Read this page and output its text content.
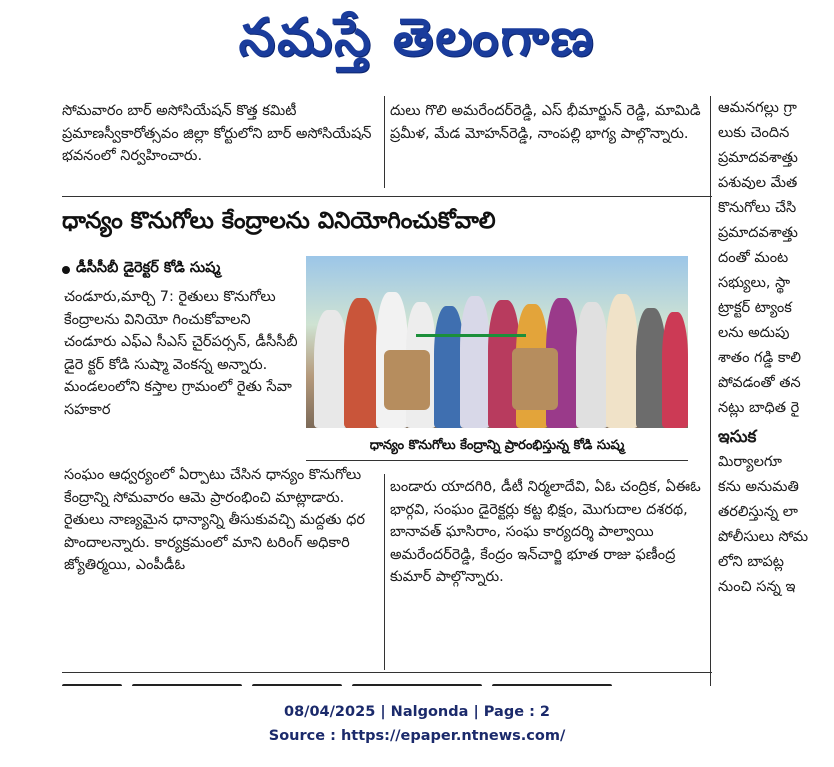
నమస్తే తెలంగాణ

సోమవారం బార్ అసోసియేషన్ కొత్త కమిటీ ప్రమాణస్వీకారోత్సవం జిల్లా కోర్టులోని బార్ అసోసియేషన్ భవనంలో నిర్వహించారు.

దులు గొలి అమరేందర్‌రెడ్డి, ఎస్ భీమార్జున్ రెడ్డి, మామిడి ప్రమీళ, మేడ మోహన్‌రెడ్డి, నాంపల్లి భాగ్య పాల్గొన్నారు.

ధాన్యం కొనుగోలు కేంద్రాలను వినియోగించుకోవాలి
డీసీసీబీ డైరెక్టర్ కోడి సుష్మ

చండూరు,మార్చి 7: రైతులు కొనుగోలు కేంద్రాలను వినియో గించుకోవాలని చండూరు ఎఫ్‌ఎ సీఎస్ చైర్‌పర్సన్, డీసీసీబీ డైరె క్టర్ కోడి సుష్మా వెంకన్న అన్నారు. మండలంలోని కస్తాల గ్రామంలో రైతు సేవా సహకార

ధాన్యం కొనుగోలు కేంద్రాన్ని ప్రారంభిస్తున్న కోడి సుష్మ

సంఘం ఆధ్వర్యంలో ఏర్పాటు చేసిన ధాన్యం కొనుగోలు కేంద్రాన్ని సోమవారం ఆమె ప్రారంభించి మాట్లాడారు. రైతులు నాణ్యమైన ధాన్యాన్ని తీసుకువచ్చి మద్దతు ధర పొందాలన్నారు. కార్యక్రమంలో మాని టరింగ్ అధికారి జ్యోతిర్మయి, ఎంపీడీఓ

బండారు యాదగిరి, డీటీ నిర్మలాదేవి, ఏఓ చంద్రిక, ఏఈఓ భార్గవి, సంఘం డైరెక్టర్లు కట్ట భిక్షం, మొగుదాల దశరథ, బానావత్ ఘాసిరాం, సంఘ కార్యదర్శి పాల్వాయి అమరేందర్‌రెడ్డి, కేంద్రం ఇన్‌చార్జి భూత రాజు ఫణీంద్ర కుమార్ పాల్గొన్నారు.

ఆమనగల్లు గ్రా

లుకు చెందిన

ప్రమాదవశాత్తు

పశువుల మేత

కొనుగోలు చేసి

ప్రమాదవశాత్తు

దంతో మంట

సభ్యులు, స్థా

ట్రాక్టర్ ట్యాంక

లను అదుపు

శాతం గడ్డి కాలి

పోవడంతో తన

నట్లు బాధిత రై

ఇసుక

మిర్యాలగూ

కను అనుమతి

తరలిస్తున్న లా

పోలీసులు సోమ

లోని బాపట్ల

నుంచి సన్న ఇ

08/04/2025 | Nalgonda | Page : 2
Source : https://epaper.ntnews.com/
